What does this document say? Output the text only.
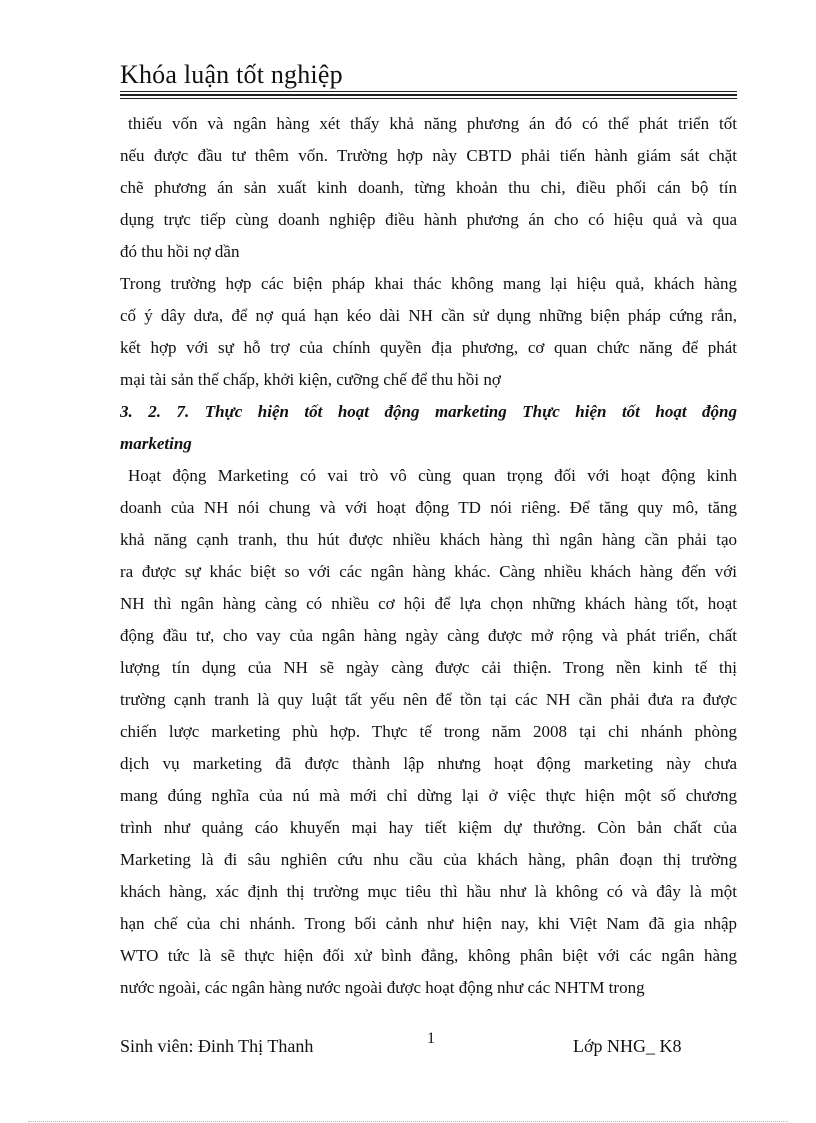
Khóa luận tốt nghiệp
thiếu vốn và ngân hàng xét thấy khả năng phương án đó có thể phát triển tốt
nếu được đầu tư thêm vốn. Trường hợp này CBTD phải tiến hành giám sát chặt
chẽ phương án sản xuất kinh doanh, từng khoản thu chi, điều phối cán bộ tín
dụng trực tiếp cùng doanh nghiệp điều hành phương án cho có hiệu quả và qua
đó thu hồi nợ dần
Trong trường hợp các biện pháp khai thác không mang lại hiệu quả, khách hàng
cố ý dây dưa, để nợ quá hạn kéo dài NH cần sử dụng những biện pháp cứng rắn,
kết hợp với sự hỗ trợ của chính quyền địa phương, cơ quan chức năng để phát
mại tài sản thế chấp, khởi kiện, cưỡng chế để thu hồi nợ
3. 2. 7. Thực hiện tốt hoạt động marketing Thực hiện tốt hoạt động
marketing
Hoạt động Marketing có vai trò vô cùng quan trọng đối với hoạt động kinh
doanh của NH nói chung và với hoạt động TD nói riêng. Để tăng quy mô, tăng
khả năng cạnh tranh, thu hút được nhiều khách hàng thì ngân hàng cần phải tạo
ra được sự khác biệt so với các ngân hàng khác. Càng nhiều khách hàng đến với
NH thì ngân hàng càng có nhiều cơ hội để lựa chọn những khách hàng tốt, hoạt
động đầu tư, cho vay của ngân hàng ngày càng được mở rộng và phát triển, chất
lượng tín dụng của NH sẽ ngày càng được cải thiện. Trong nền kinh tế thị
trường cạnh tranh là quy luật tất yếu nên để tồn tại các NH cần phải đưa ra được
chiến lược marketing phù hợp. Thực tế trong năm 2008 tại chi nhánh phòng
dịch vụ marketing đã được thành lập nhưng hoạt động marketing này chưa
mang đúng nghĩa của nú mà mới chỉ dừng lại ở việc thực hiện một số chương
trình như quảng cáo khuyến mại hay tiết kiệm dự thưởng. Còn bản chất của
Marketing là đi sâu nghiên cứu nhu cầu của khách hàng, phân đoạn thị trường
khách hàng, xác định thị trường mục tiêu thì hầu như là không có và đây là một
hạn chế của chi nhánh. Trong bối cảnh như hiện nay, khi Việt Nam đã gia nhập
WTO tức là sẽ thực hiện đối xử bình đẳng, không phân biệt với các ngân hàng
nước ngoài, các ngân hàng nước ngoài được hoạt động như các NHTM trong
Sinh viên: Đinh Thị Thanh	1	Lớp NHG_ K8
